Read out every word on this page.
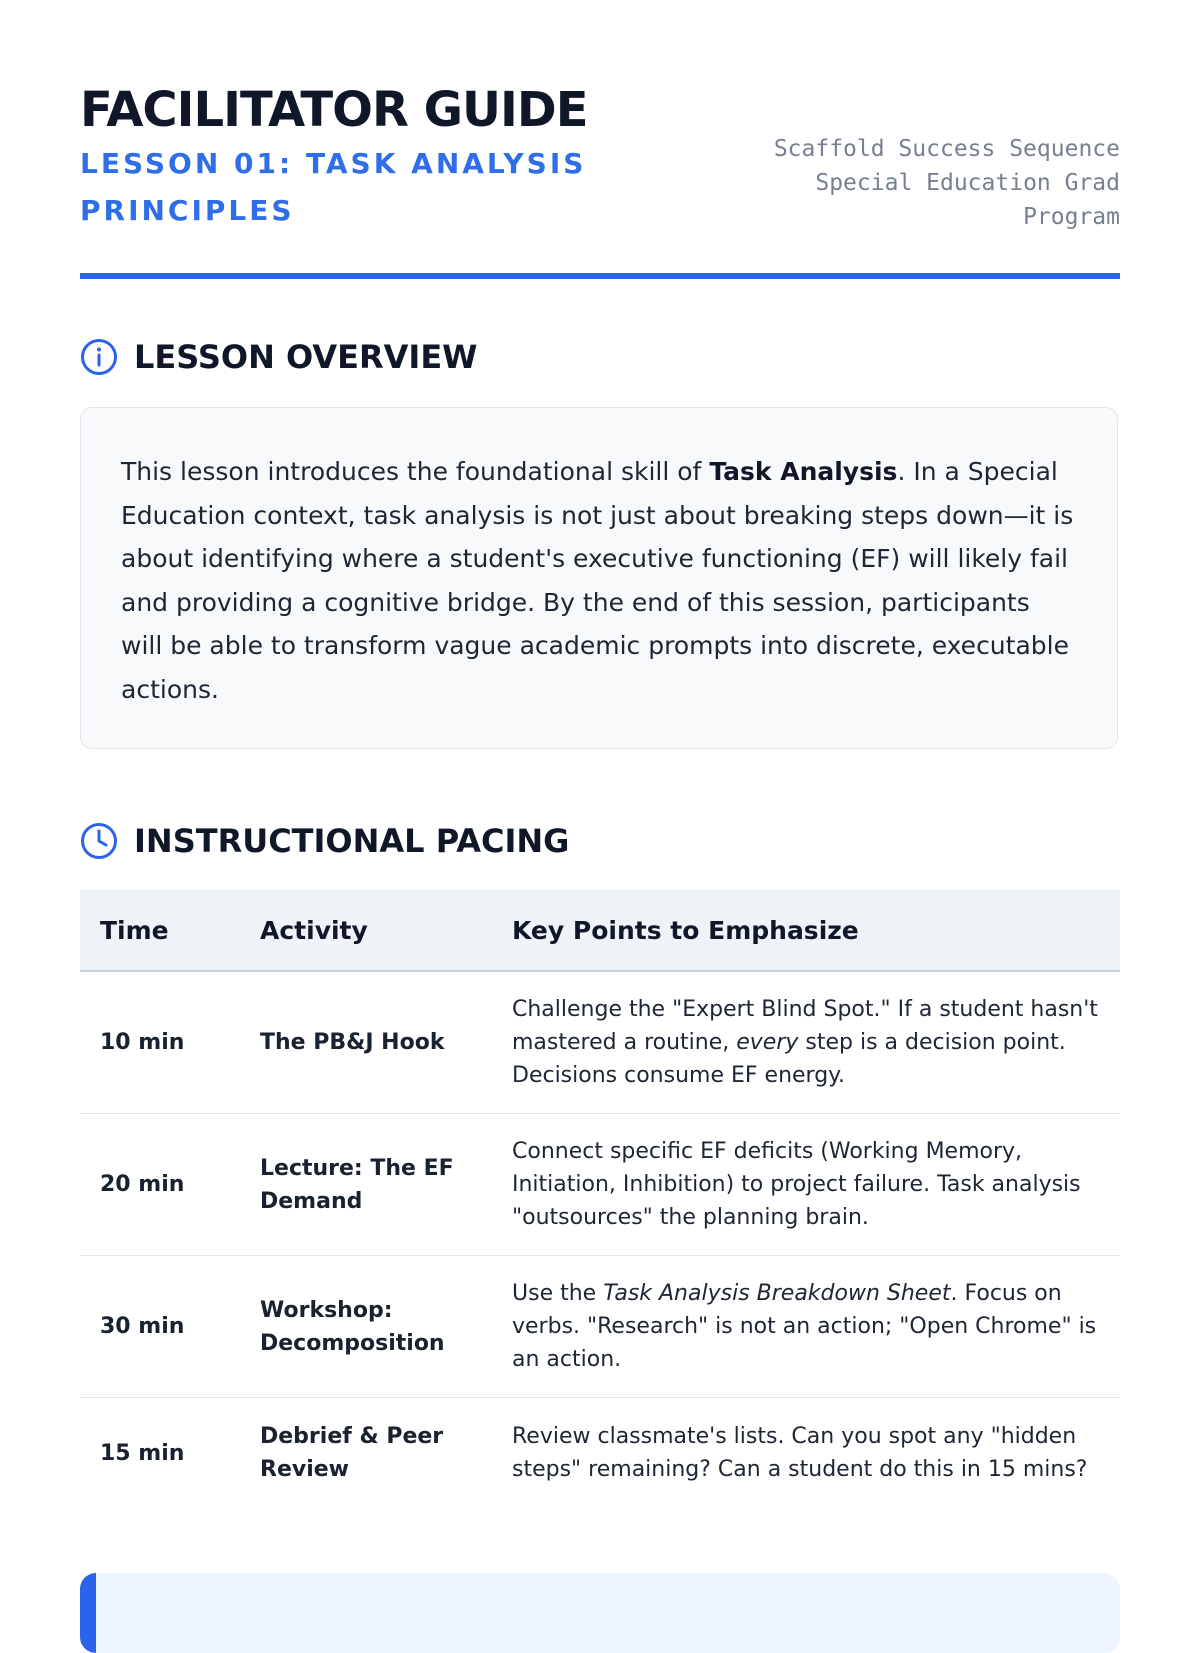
FACILITATOR GUIDE
LESSON 01: TASK ANALYSIS PRINCIPLES
Scaffold Success Sequence
Special Education Grad
Program
LESSON OVERVIEW

This lesson introduces the foundational skill of Task Analysis. In a Special Education context, task analysis is not just about breaking steps down—it is about identifying where a student's executive functioning (EF) will likely fail and providing a cognitive bridge. By the end of this session, participants will be able to transform vague academic prompts into discrete, executable actions.

INSTRUCTIONAL PACING
Time	Activity	Key Points to Emphasize
10 min	The PB&J Hook	Challenge the "Expert Blind Spot." If a student hasn't mastered a routine, every step is a decision point. Decisions consume EF energy.
20 min	Lecture: The EF Demand	Connect specific EF deficits (Working Memory, Initiation, Inhibition) to project failure. Task analysis "outsources" the planning brain.
30 min	Workshop: Decomposition	Use the Task Analysis Breakdown Sheet. Focus on verbs. "Research" is not an action; "Open Chrome" is an action.
15 min	Debrief & Peer Review	Review classmate's lists. Can you spot any "hidden steps" remaining? Can a student do this in 15 mins?
